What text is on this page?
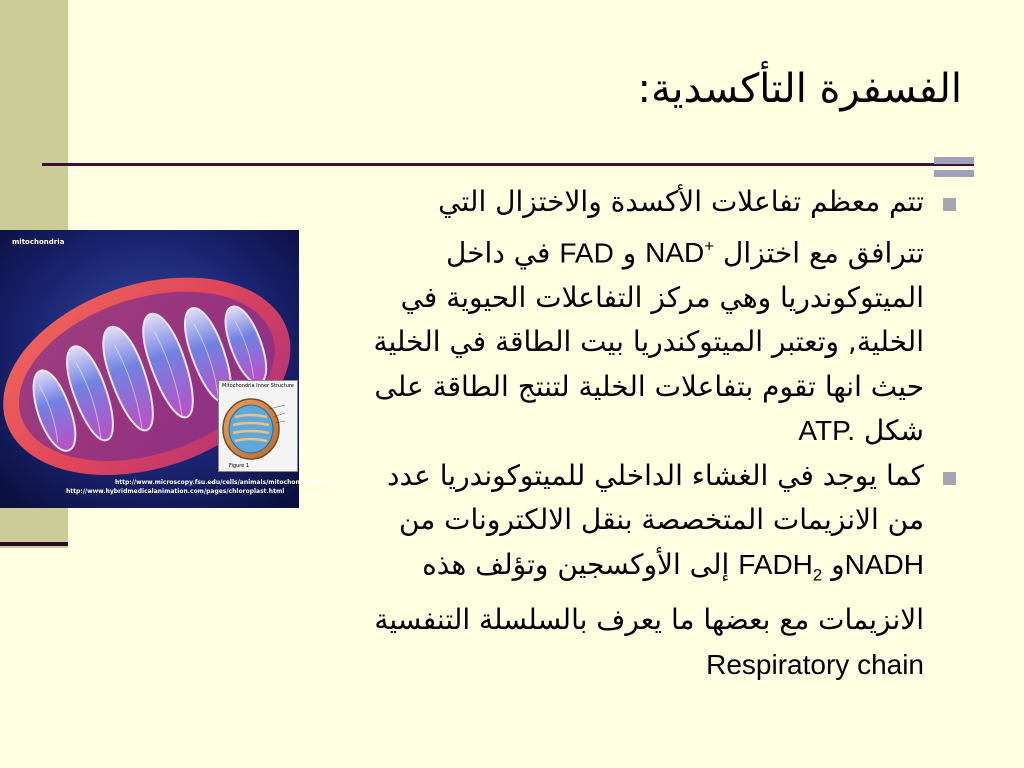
الفسفرة التأكسدية:
mitochondria
Mitochondria Inner Structure
Figure 1
http://www.microscopy.fsu.edu/cells/animals/mitochondria.html
http://www.hybridmedicalanimation.com/pages/chloroplast.html
تتم معظم تفاعلات الأكسدة والاختزال التي
تترافق مع اختزال NAD+ و FAD في داخل
الميتوكوندريا وهي مركز التفاعلات الحيوية في
الخلية, وتعتبر الميتوكندريا بيت الطاقة في الخلية
حيث انها تقوم بتفاعلات الخلية لتنتج الطاقة على
شكل ATP.
كما يوجد في الغشاء الداخلي للميتوكوندريا عدد
من الانزيمات المتخصصة بنقل الالكترونات من
NADHو $FADH_2$ إلى الأوكسجين وتؤلف هذه
الانزيمات مع بعضها ما يعرف بالسلسلة التنفسية
Respiratory chain
